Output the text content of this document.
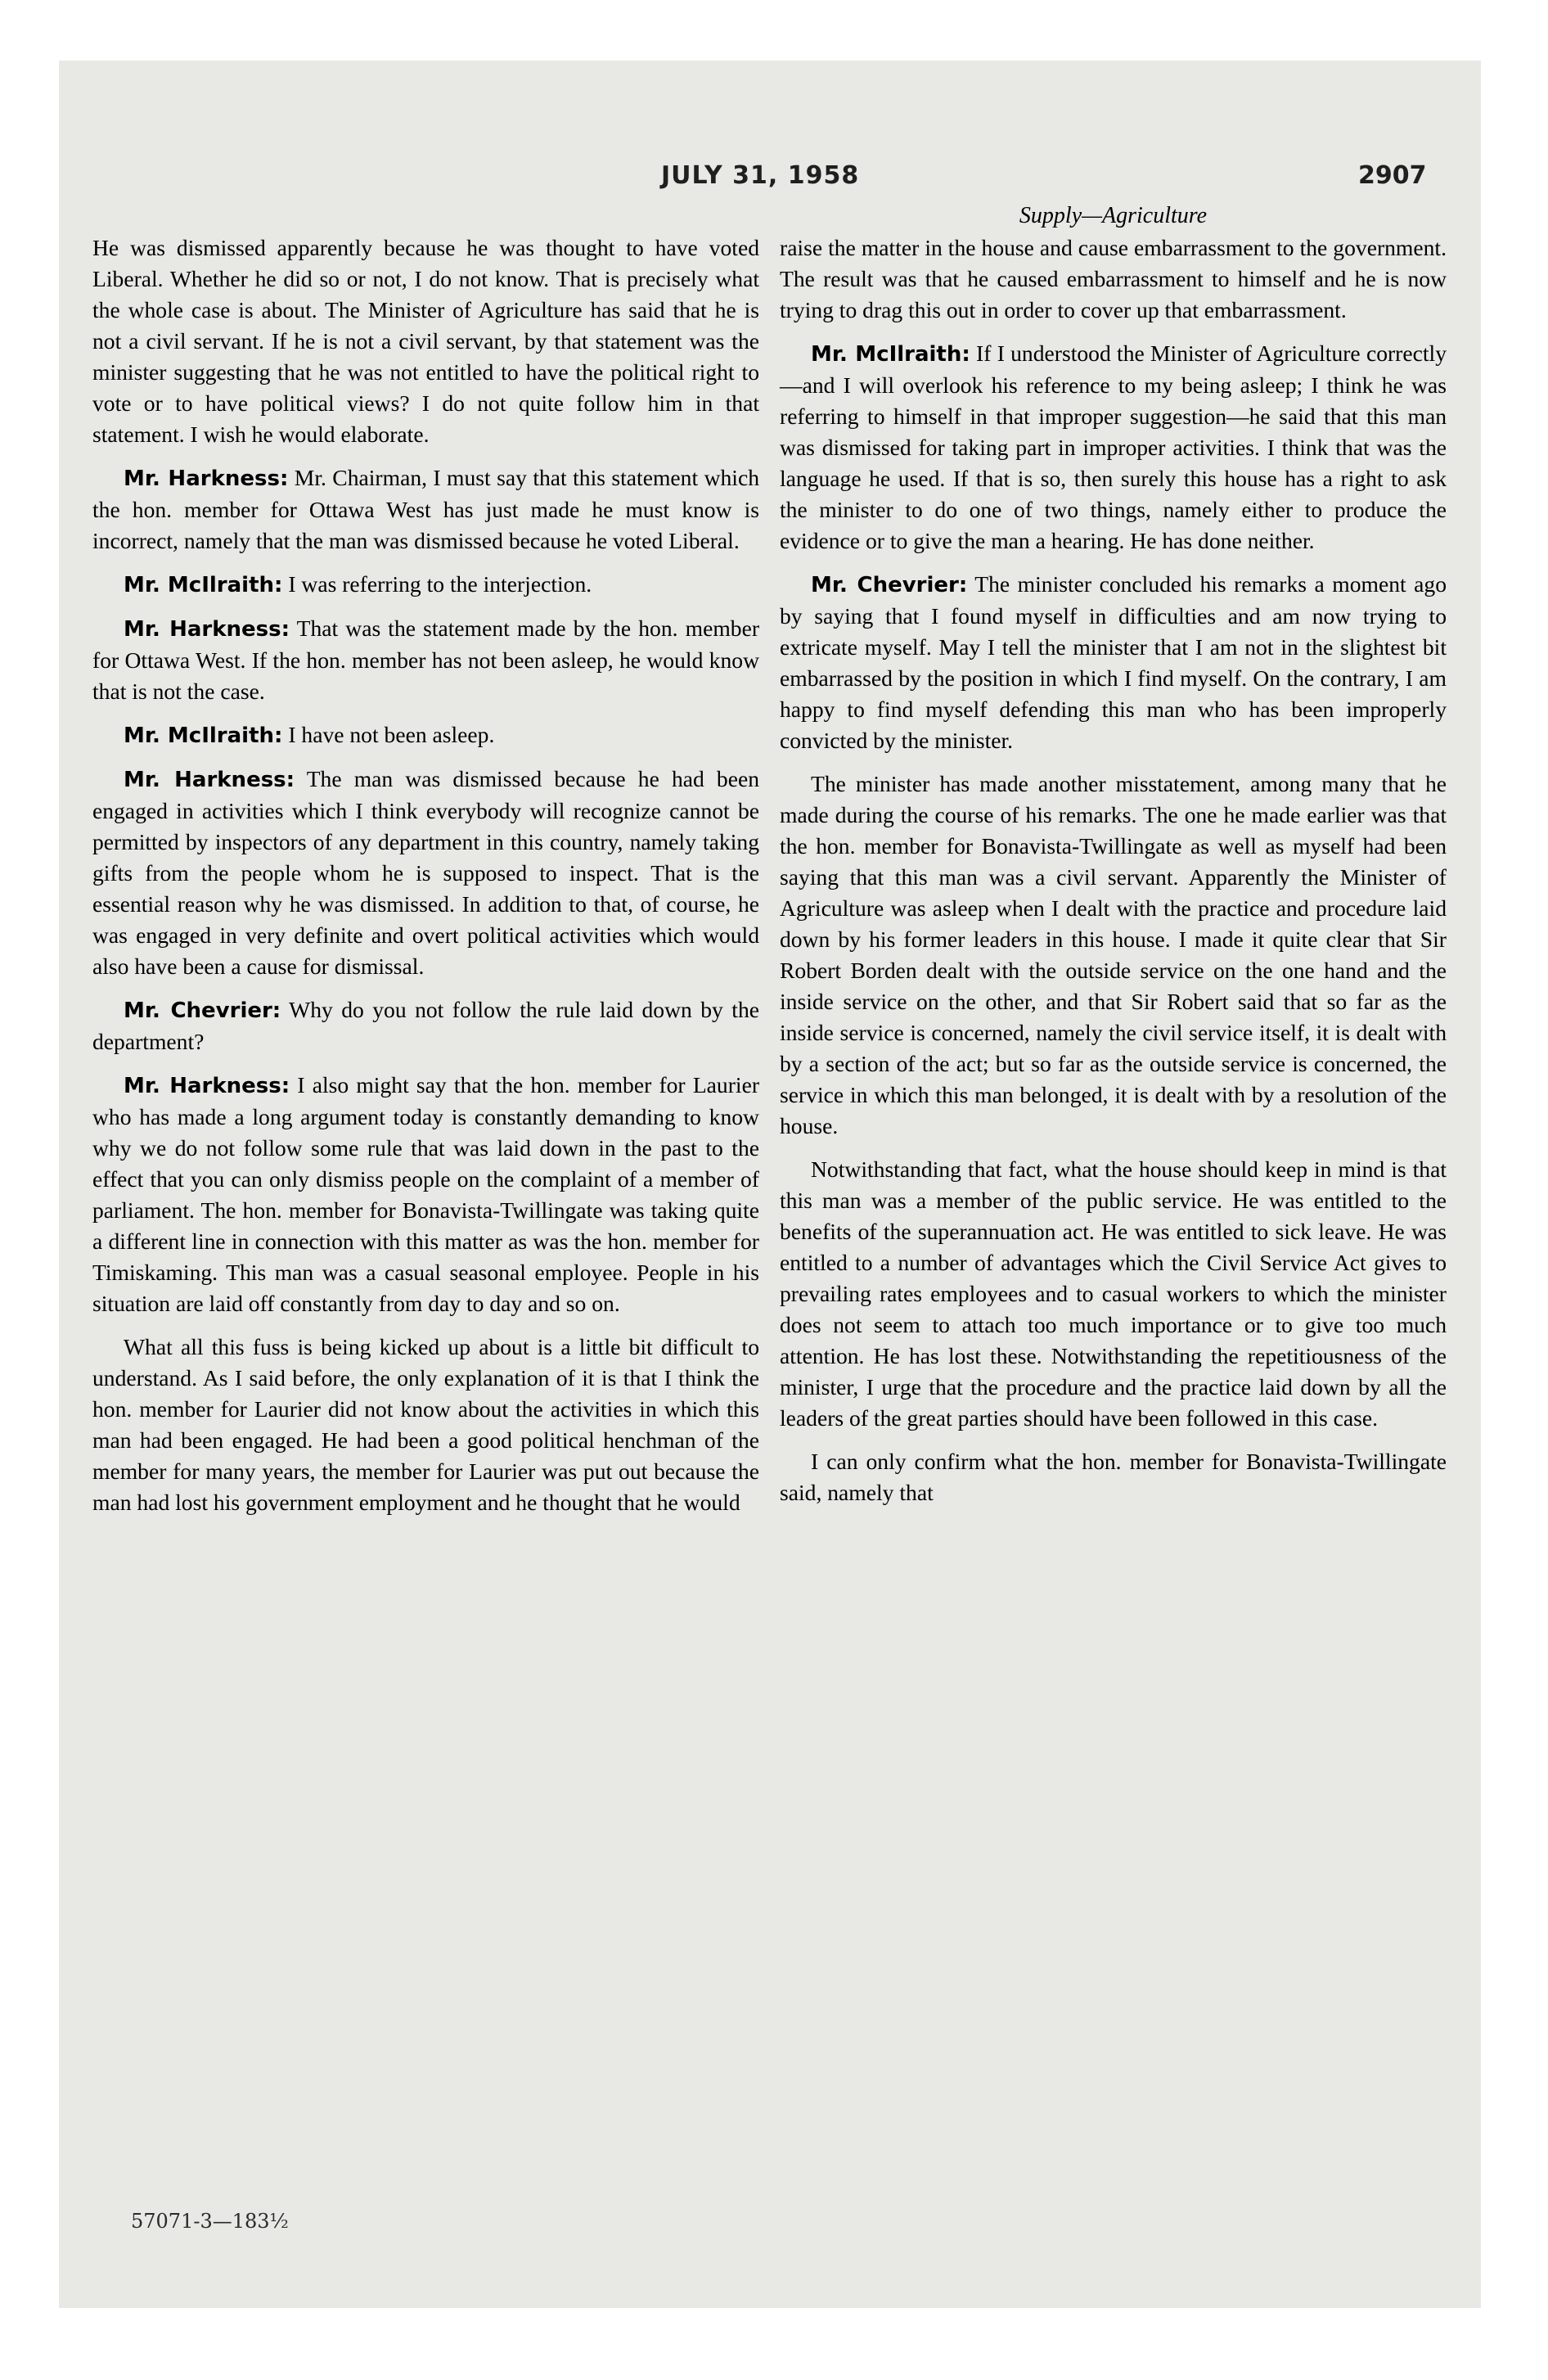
JULY 31, 1958	2907

He was dismissed apparently because he was thought to have voted Liberal. Whether he did so or not, I do not know. That is precisely what the whole case is about. The Minister of Agriculture has said that he is not a civil servant. If he is not a civil servant, by that statement was the minister suggesting that he was not entitled to have the political right to vote or to have political views? I do not quite follow him in that statement. I wish he would elaborate.

Mr. Harkness: Mr. Chairman, I must say that this statement which the hon. member for Ottawa West has just made he must know is incorrect, namely that the man was dismissed because he voted Liberal.

Mr. McIlraith: I was referring to the interjection.

Mr. Harkness: That was the statement made by the hon. member for Ottawa West. If the hon. member has not been asleep, he would know that is not the case.

Mr. McIlraith: I have not been asleep.

Mr. Harkness: The man was dismissed because he had been engaged in activities which I think everybody will recognize cannot be permitted by inspectors of any department in this country, namely taking gifts from the people whom he is supposed to inspect. That is the essential reason why he was dismissed. In addition to that, of course, he was engaged in very definite and overt political activities which would also have been a cause for dismissal.

Mr. Chevrier: Why do you not follow the rule laid down by the department?

Mr. Harkness: I also might say that the hon. member for Laurier who has made a long argument today is constantly demanding to know why we do not follow some rule that was laid down in the past to the effect that you can only dismiss people on the complaint of a member of parliament. The hon. member for Bonavista-Twillingate was taking quite a different line in connection with this matter as was the hon. member for Timiskaming. This man was a casual seasonal employee. People in his situation are laid off constantly from day to day and so on.

What all this fuss is being kicked up about is a little bit difficult to understand. As I said before, the only explanation of it is that I think the hon. member for Laurier did not know about the activities in which this man had been engaged. He had been a good political henchman of the member for many years, the member for Laurier was put out because the man had lost his government employment and he thought that he would

Supply—Agriculture

raise the matter in the house and cause embarrassment to the government. The result was that he caused embarrassment to himself and he is now trying to drag this out in order to cover up that embarrassment.

Mr. McIlraith: If I understood the Minister of Agriculture correctly—and I will overlook his reference to my being asleep; I think he was referring to himself in that improper suggestion—he said that this man was dismissed for taking part in improper activities. I think that was the language he used. If that is so, then surely this house has a right to ask the minister to do one of two things, namely either to produce the evidence or to give the man a hearing. He has done neither.

Mr. Chevrier: The minister concluded his remarks a moment ago by saying that I found myself in difficulties and am now trying to extricate myself. May I tell the minister that I am not in the slightest bit embarrassed by the position in which I find myself. On the contrary, I am happy to find myself defending this man who has been improperly convicted by the minister.

The minister has made another misstatement, among many that he made during the course of his remarks. The one he made earlier was that the hon. member for Bonavista-Twillingate as well as myself had been saying that this man was a civil servant. Apparently the Minister of Agriculture was asleep when I dealt with the practice and procedure laid down by his former leaders in this house. I made it quite clear that Sir Robert Borden dealt with the outside service on the one hand and the inside service on the other, and that Sir Robert said that so far as the inside service is concerned, namely the civil service itself, it is dealt with by a section of the act; but so far as the outside service is concerned, the service in which this man belonged, it is dealt with by a resolution of the house.

Notwithstanding that fact, what the house should keep in mind is that this man was a member of the public service. He was entitled to the benefits of the superannuation act. He was entitled to sick leave. He was entitled to a number of advantages which the Civil Service Act gives to prevailing rates employees and to casual workers to which the minister does not seem to attach too much importance or to give too much attention. He has lost these. Notwithstanding the repetitiousness of the minister, I urge that the procedure and the practice laid down by all the leaders of the great parties should have been followed in this case.

I can only confirm what the hon. member for Bonavista-Twillingate said, namely that

57071-3—183½
